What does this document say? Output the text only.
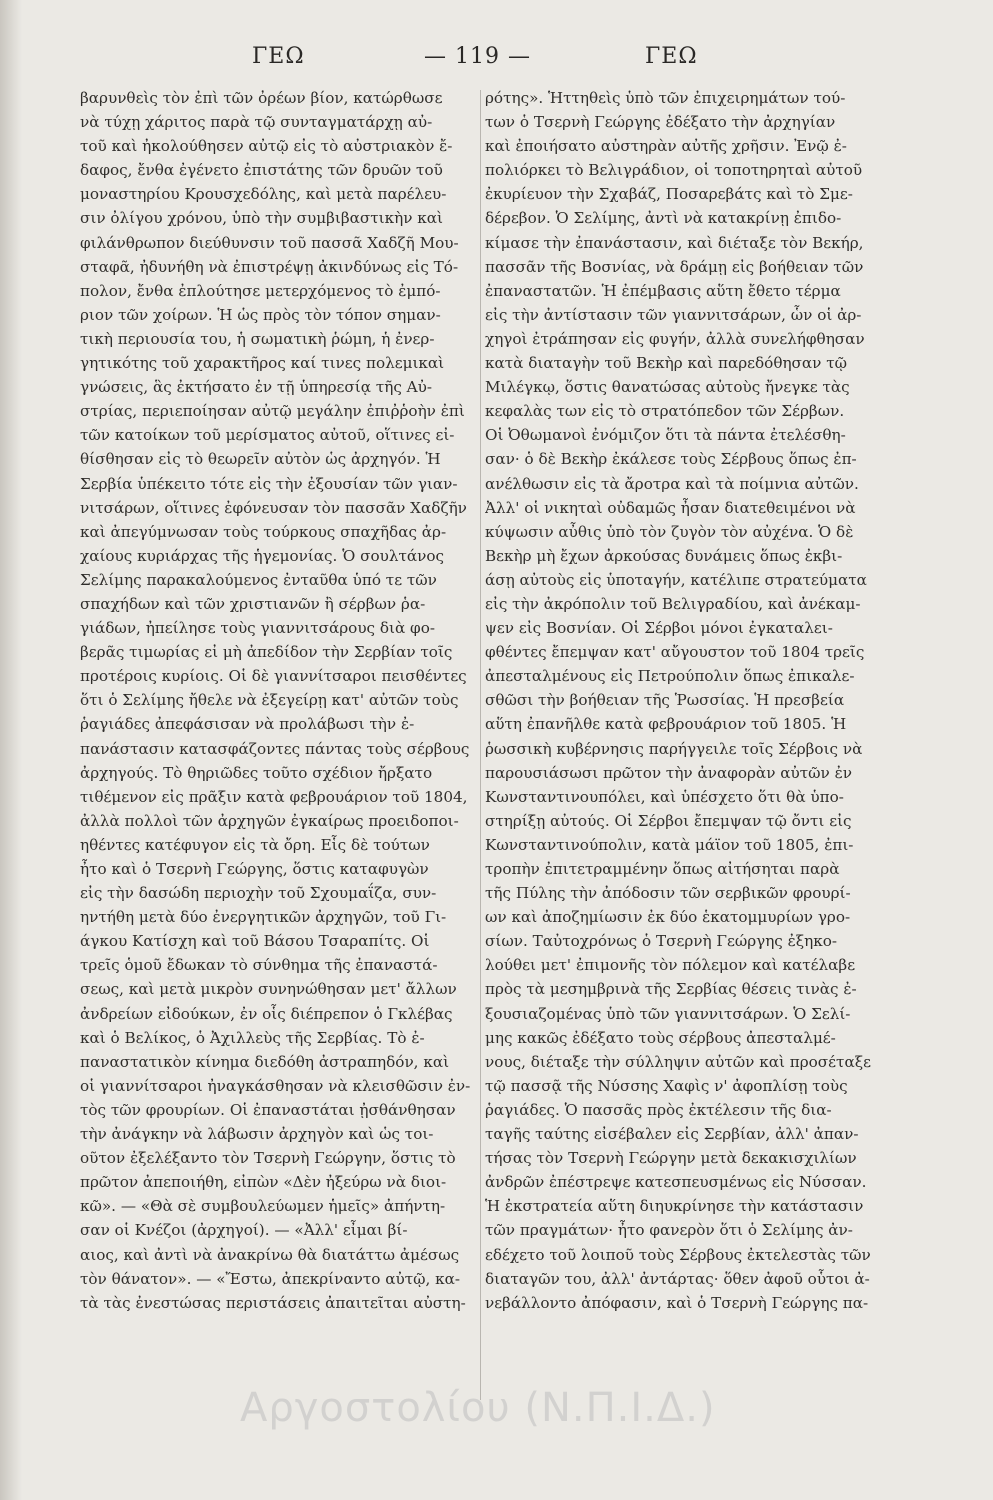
ΓΕΩ	— 119 —	ΓΕΩ
βαρυνθεὶς τὸν ἐπὶ τῶν ὀρέων βίον, κατώρθωσε
νὰ τύχῃ χάριτος παρὰ τῷ συνταγματάρχῃ αὐ-
τοῦ καὶ ἠκολούθησεν αὐτῷ εἰς τὸ αὐστριακὸν ἔ-
δαφος, ἔνθα ἐγένετο ἐπιστάτης τῶν δρυῶν τοῦ
μοναστηρίου Κρουσχεδόλης, καὶ μετὰ παρέλευ-
σιν ὀλίγου χρόνου, ὑπὸ τὴν συμβιβαστικὴν καὶ
φιλάνθρωπον διεύθυνσιν τοῦ πασσᾶ Χαδζῆ Μου-
σταφᾶ, ἠδυνήθη νὰ ἐπιστρέψῃ ἀκινδύνως εἰς Τό-
πολον, ἔνθα ἐπλούτησε μετερχόμενος τὸ ἐμπό-
ριον τῶν χοίρων. Ἡ ὡς πρὸς τὸν τόπον σημαν-
τικὴ περιουσία του, ἡ σωματικὴ ῥώμη, ἡ ἐνερ-
γητικότης τοῦ χαρακτῆρος καί τινες πολεμικαὶ
γνώσεις, ἃς ἐκτήσατο ἐν τῇ ὑπηρεσίᾳ τῆς Αὐ-
στρίας, περιεποίησαν αὐτῷ μεγάλην ἐπιῤῥοὴν ἐπὶ
τῶν κατοίκων τοῦ μερίσματος αὐτοῦ, οἵτινες εἰ-
θίσθησαν εἰς τὸ θεωρεῖν αὐτὸν ὡς ἀρχηγόν. Ἡ
Σερβία ὑπέκειτο τότε εἰς τὴν ἐξουσίαν τῶν γιαν-
νιτσάρων, οἵτινες ἐφόνευσαν τὸν πασσᾶν Χαδζῆν
καὶ ἀπεγύμνωσαν τοὺς τούρκους σπαχῆδας ἀρ-
χαίους κυριάρχας τῆς ἡγεμονίας. Ὁ σουλτάνος
Σελίμης παρακαλούμενος ἐνταῦθα ὑπό τε τῶν
σπαχήδων καὶ τῶν χριστιανῶν ἢ σέρβων ῥα-
γιάδων, ἠπείλησε τοὺς γιαννιτσάρους διὰ φο-
βερᾶς τιμωρίας εἰ μὴ ἀπεδίδον τὴν Σερβίαν τοῖς
προτέροις κυρίοις. Οἱ δὲ γιαννίτσαροι πεισθέντες
ὅτι ὁ Σελίμης ἤθελε νὰ ἐξεγείρῃ κατ' αὐτῶν τοὺς
ῥαγιάδες ἀπεφάσισαν νὰ προλάβωσι τὴν ἐ-
πανάστασιν κατασφάζοντες πάντας τοὺς σέρβους
ἀρχηγούς. Τὸ θηριῶδες τοῦτο σχέδιον ἤρξατο
τιθέμενον εἰς πρᾶξιν κατὰ φεβρουάριον τοῦ 1804,
ἀλλὰ πολλοὶ τῶν ἀρχηγῶν ἐγκαίρως προειδοποι-
ηθέντες κατέφυγον εἰς τὰ ὄρη. Εἷς δὲ τούτων
ἦτο καὶ ὁ Τσερνὴ Γεώργης, ὅστις καταφυγὼν
εἰς τὴν δασώδη περιοχὴν τοῦ Σχουμαΐζα, συν-
ηντήθη μετὰ δύο ἐνεργητικῶν ἀρχηγῶν, τοῦ Γι-
άγκου Κατίσχη καὶ τοῦ Βάσου Τσαραπίτς. Οἱ
τρεῖς ὁμοῦ ἔδωκαν τὸ σύνθημα τῆς ἐπαναστά-
σεως, καὶ μετὰ μικρὸν συνηνώθησαν μετ' ἄλλων
ἀνδρείων εἰδούκων, ἐν οἷς διέπρεπον ὁ Γκλέβας
καὶ ὁ Βελίκος, ὁ Ἀχιλλεὺς τῆς Σερβίας. Τὸ ἐ-
παναστατικὸν κίνημα διεδόθη ἀστραπηδόν, καὶ
οἱ γιαννίτσαροι ἠναγκάσθησαν νὰ κλεισθῶσιν ἐν-
τὸς τῶν φρουρίων. Οἱ ἐπαναστάται ᾐσθάνθησαν
τὴν ἀνάγκην νὰ λάβωσιν ἀρχηγὸν καὶ ὡς τοι-
οῦτον ἐξελέξαντο τὸν Τσερνὴ Γεώργην, ὅστις τὸ
πρῶτον ἀπεποιήθη, εἰπὼν «Δὲν ἠξεύρω νὰ διοι-
κῶ». — «Θὰ σὲ συμβουλεύωμεν ἡμεῖς» ἀπήντη-
σαν οἱ Κνέζοι (ἀρχηγοί). — «Ἀλλ' εἶμαι βί-
αιος, καὶ ἀντὶ νὰ ἀνακρίνω θὰ διατάττω ἀμέσως
τὸν θάνατον». — «Ἔστω, ἀπεκρίναντο αὐτῷ, κα-
τὰ τὰς ἐνεστώσας περιστάσεις ἀπαιτεῖται αὐστη-
ρότης». Ἡττηθεὶς ὑπὸ τῶν ἐπιχειρημάτων τού-
των ὁ Τσερνὴ Γεώργης ἐδέξατο τὴν ἀρχηγίαν
καὶ ἐποιήσατο αὐστηρὰν αὐτῆς χρῆσιν. Ἐνῷ ἐ-
πολιόρκει τὸ Βελιγράδιον, οἱ τοποτηρηταὶ αὐτοῦ
ἐκυρίευον τὴν Σχαβάζ, Ποσαρεβάτς καὶ τὸ Σμε-
δέρεβον. Ὁ Σελίμης, ἀντὶ νὰ κατακρίνῃ ἐπιδο-
κίμασε τὴν ἐπανάστασιν, καὶ διέταξε τὸν Βεκήρ,
πασσᾶν τῆς Βοσνίας, νὰ δράμῃ εἰς βοήθειαν τῶν
ἐπαναστατῶν. Ἡ ἐπέμβασις αὕτη ἔθετο τέρμα
εἰς τὴν ἀντίστασιν τῶν γιαννιτσάρων, ὧν οἱ ἀρ-
χηγοὶ ἐτράπησαν εἰς φυγήν, ἀλλὰ συνελήφθησαν
κατὰ διαταγὴν τοῦ Βεκὴρ καὶ παρεδόθησαν τῷ
Μιλέγκῳ, ὅστις θανατώσας αὐτοὺς ἤνεγκε τὰς
κεφαλὰς των εἰς τὸ στρατόπεδον τῶν Σέρβων.
Οἱ Ὀθωμανοὶ ἐνόμιζον ὅτι τὰ πάντα ἐτελέσθη-
σαν· ὁ δὲ Βεκὴρ ἐκάλεσε τοὺς Σέρβους ὅπως ἐπ-
ανέλθωσιν εἰς τὰ ἄροτρα καὶ τὰ ποίμνια αὐτῶν.
Ἀλλ' οἱ νικηταὶ οὐδαμῶς ἦσαν διατεθειμένοι νὰ
κύψωσιν αὖθις ὑπὸ τὸν ζυγὸν τὸν αὐχένα. Ὁ δὲ
Βεκὴρ μὴ ἔχων ἀρκούσας δυνάμεις ὅπως ἐκβι-
άσῃ αὐτοὺς εἰς ὑποταγήν, κατέλιπε στρατεύματα
εἰς τὴν ἀκρόπολιν τοῦ Βελιγραδίου, καὶ ἀνέκαμ-
ψεν εἰς Βοσνίαν. Οἱ Σέρβοι μόνοι ἐγκαταλει-
φθέντες ἔπεμψαν κατ' αὔγουστον τοῦ 1804 τρεῖς
ἀπεσταλμένους εἰς Πετρούπολιν ὅπως ἐπικαλε-
σθῶσι τὴν βοήθειαν τῆς Ῥωσσίας. Ἡ πρεσβεία
αὕτη ἐπανῆλθε κατὰ φεβρουάριον τοῦ 1805. Ἡ
ῥωσσικὴ κυβέρνησις παρήγγειλε τοῖς Σέρβοις νὰ
παρουσιάσωσι πρῶτον τὴν ἀναφορὰν αὐτῶν ἐν
Κωνσταντινουπόλει, καὶ ὑπέσχετο ὅτι θὰ ὑπο-
στηρίξῃ αὐτούς. Οἱ Σέρβοι ἔπεμψαν τῷ ὄντι εἰς
Κωνσταντινούπολιν, κατὰ μάϊον τοῦ 1805, ἐπι-
τροπὴν ἐπιτετραμμένην ὅπως αἰτήσηται παρὰ
τῆς Πύλης τὴν ἀπόδοσιν τῶν σερβικῶν φρουρί-
ων καὶ ἀποζημίωσιν ἐκ δύο ἑκατομμυρίων γρο-
σίων. Ταὐτοχρόνως ὁ Τσερνὴ Γεώργης ἐξηκο-
λούθει μετ' ἐπιμονῆς τὸν πόλεμον καὶ κατέλαβε
πρὸς τὰ μεσημβρινὰ τῆς Σερβίας θέσεις τινὰς ἐ-
ξουσιαζομένας ὑπὸ τῶν γιαννιτσάρων. Ὁ Σελί-
μης κακῶς ἐδέξατο τοὺς σέρβους ἀπεσταλμέ-
νους, διέταξε τὴν σύλληψιν αὐτῶν καὶ προσέταξε
τῷ πασσᾷ τῆς Νύσσης Χαφὶς ν' ἀφοπλίσῃ τοὺς
ῥαγιάδες. Ὁ πασσᾶς πρὸς ἐκτέλεσιν τῆς δια-
ταγῆς ταύτης εἰσέβαλεν εἰς Σερβίαν, ἀλλ' ἀπαν-
τήσας τὸν Τσερνὴ Γεώργην μετὰ δεκακισχιλίων
ἀνδρῶν ἐπέστρεψε κατεσπευσμένως εἰς Νύσσαν.
Ἡ ἐκστρατεία αὕτη διηυκρίνησε τὴν κατάστασιν
τῶν πραγμάτων· ἦτο φανερὸν ὅτι ὁ Σελίμης ἀν-
εδέχετο τοῦ λοιποῦ τοὺς Σέρβους ἐκτελεστὰς τῶν
διαταγῶν του, ἀλλ' ἀντάρτας· ὅθεν ἀφοῦ οὗτοι ἀ-
νεβάλλοντο ἀπόφασιν, καὶ ὁ Τσερνὴ Γεώργης πα-
Αργοστολίου (Ν.Π.Ι.Δ.)
